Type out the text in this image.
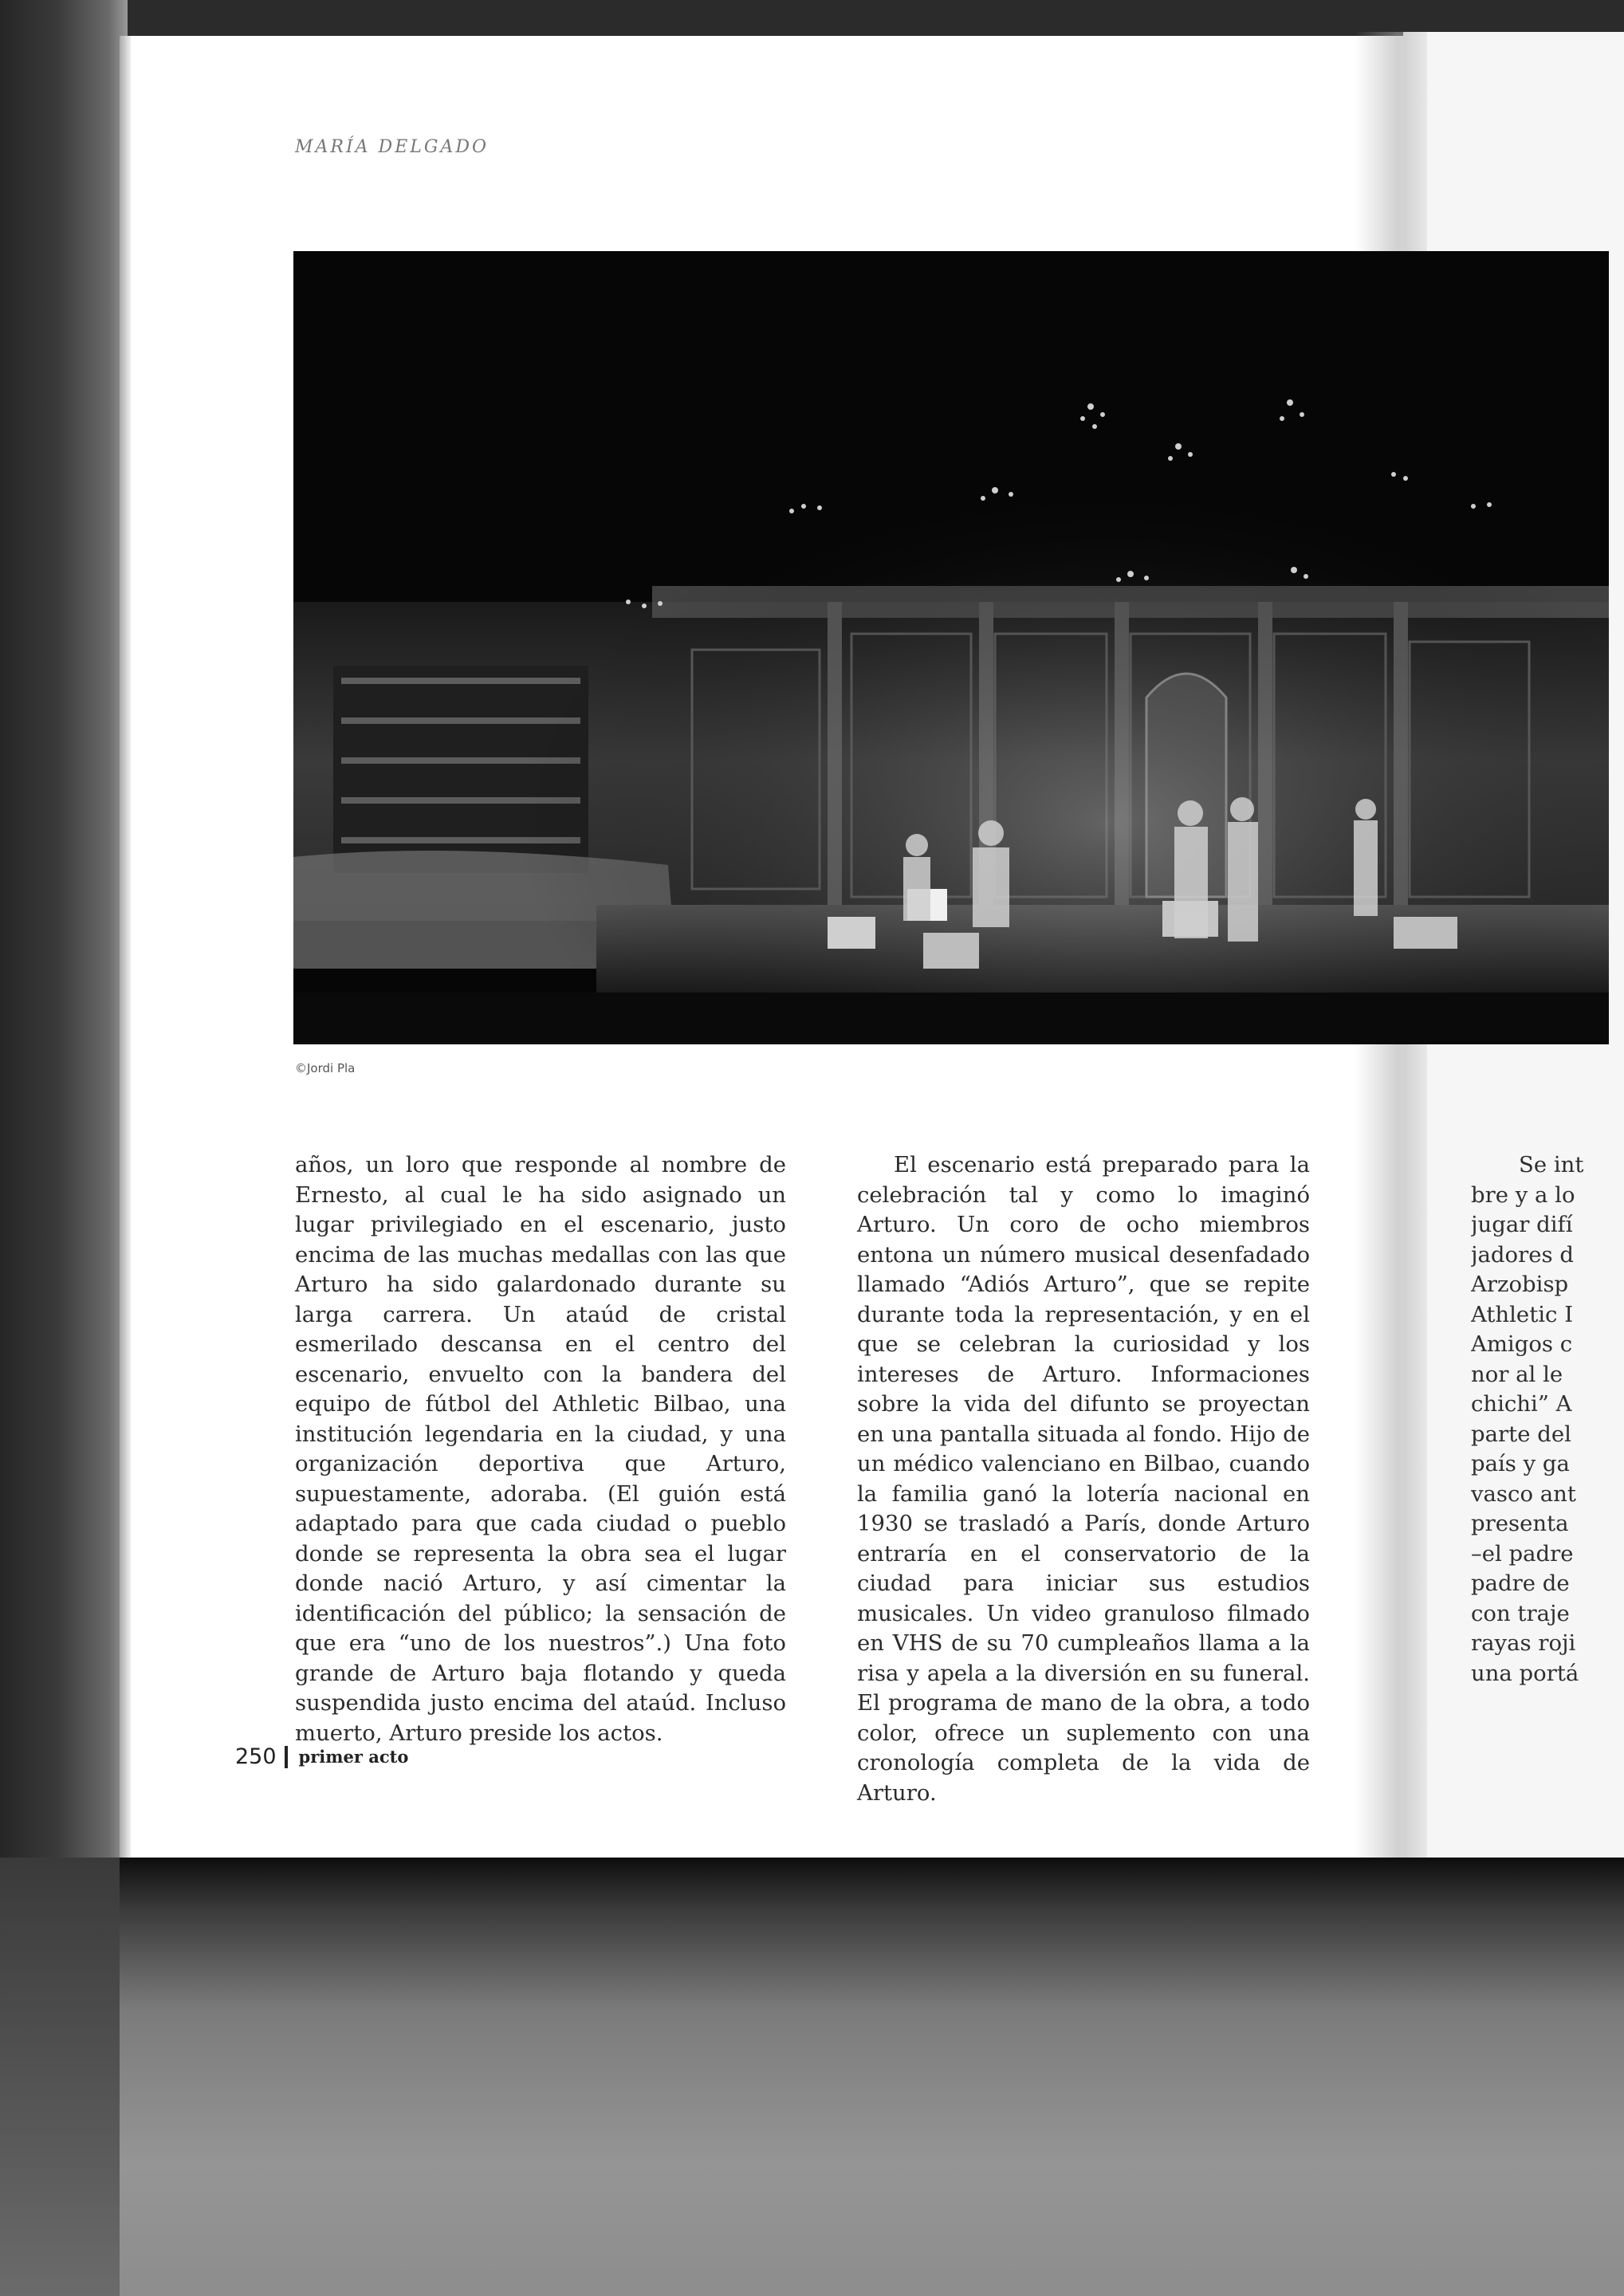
MARÍA DELGADO
©Jordi Pla

años, un loro que responde al nombre de Ernesto, al cual le ha sido asignado un lugar privilegiado en el escenario, justo encima de las muchas medallas con las que Arturo ha sido galardonado durante su larga carrera. Un ataúd de cristal esmerilado descansa en el centro del escenario, envuelto con la bandera del equipo de fútbol del Athletic Bilbao, una institución legendaria en la ciudad, y una organización deportiva que Arturo, supuestamente, adoraba. (El guión está adaptado para que cada ciudad o pueblo donde se representa la obra sea el lugar donde nació Arturo, y así cimentar la identificación del público; la sensación de que era “uno de los nuestros”.) Una foto grande de Arturo baja flotando y queda suspendida justo encima del ataúd. Incluso muerto, Arturo preside los actos.

El escenario está preparado para la celebración tal y como lo imaginó Arturo. Un coro de ocho miembros entona un número musical desenfadado llamado “Adiós Arturo”, que se repite durante toda la representación, y en el que se celebran la curiosidad y los intereses de Arturo. Informaciones sobre la vida del difunto se proyectan en una pantalla situada al fondo. Hijo de un médico valenciano en Bilbao, cuando la familia ganó la lotería nacional en 1930 se trasladó a París, donde Arturo entraría en el conservatorio de la ciudad para iniciar sus estudios musicales. Un video granuloso filmado en VHS de su 70 cumpleaños llama a la risa y apela a la diversión en su funeral. El programa de mano de la obra, a todo color, ofrece un suplemento con una cronología completa de la vida de Arturo.

Se int
bre y a lo
jugar difí
jadores d
Arzobisp
Athletic I
Amigos c
nor al le
chichi” A
parte del
país y ga
vasco ant
presenta
–el padre
padre de
con traje
rayas roji
una portá
250 primer acto
